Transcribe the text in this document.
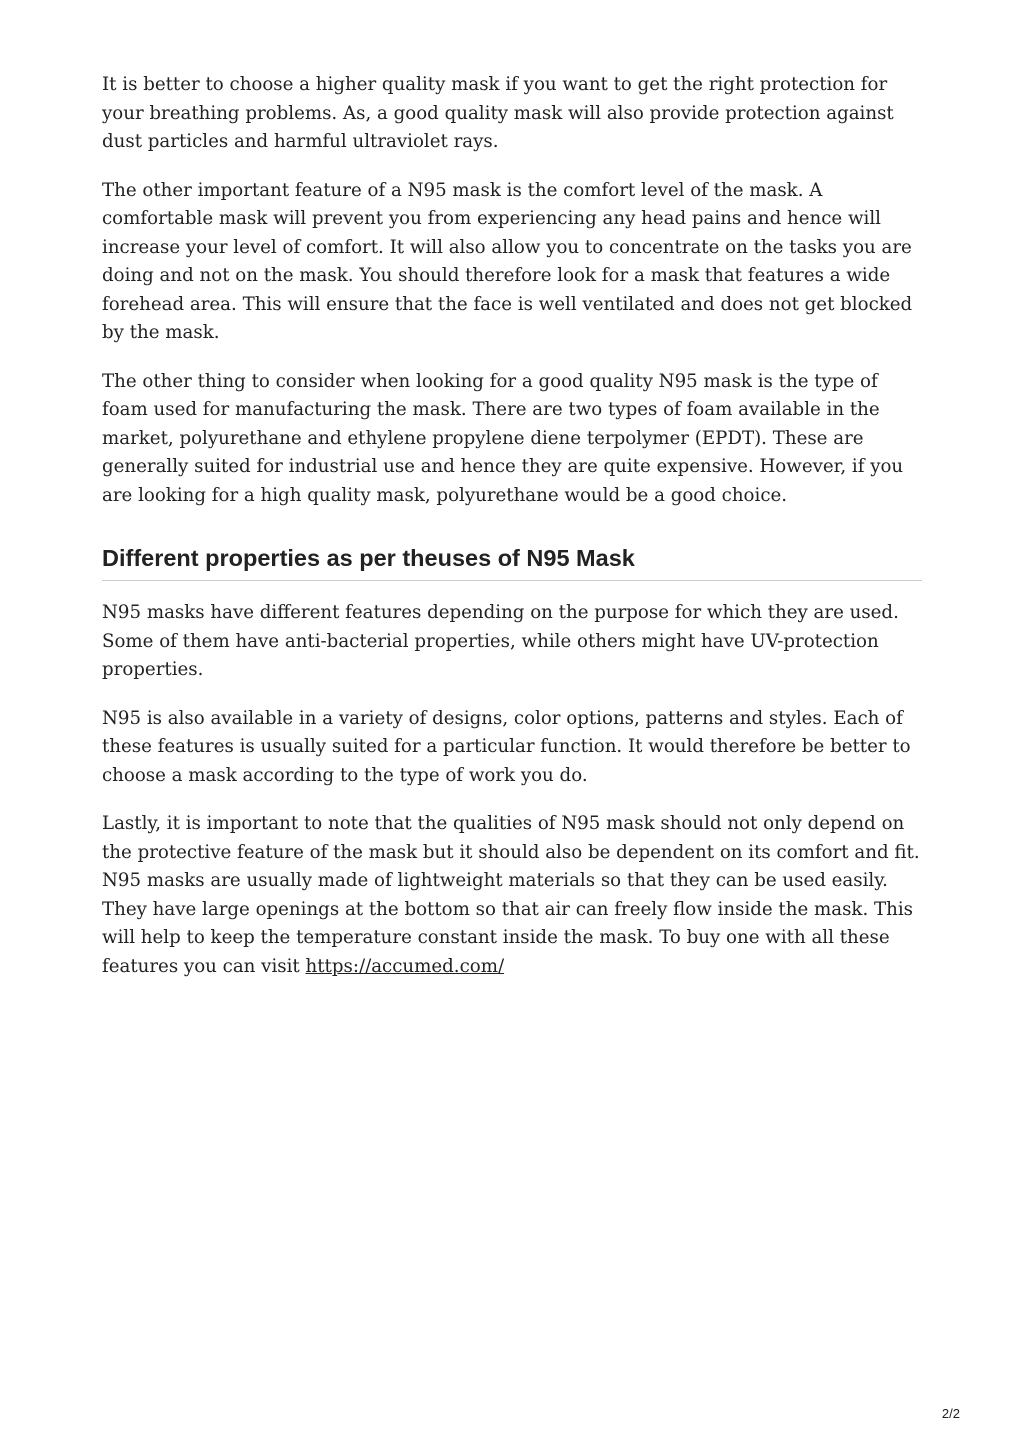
It is better to choose a higher quality mask if you want to get the right protection for your breathing problems. As, a good quality mask will also provide protection against dust particles and harmful ultraviolet rays.

The other important feature of a N95 mask is the comfort level of the mask. A comfortable mask will prevent you from experiencing any head pains and hence will increase your level of comfort. It will also allow you to concentrate on the tasks you are doing and not on the mask. You should therefore look for a mask that features a wide forehead area. This will ensure that the face is well ventilated and does not get blocked by the mask.

The other thing to consider when looking for a good quality N95 mask is the type of foam used for manufacturing the mask. There are two types of foam available in the market, polyurethane and ethylene propylene diene terpolymer (EPDT). These are generally suited for industrial use and hence they are quite expensive. However, if you are looking for a high quality mask, polyurethane would be a good choice.

Different properties as per theuses of N95 Mask

N95 masks have different features depending on the purpose for which they are used. Some of them have anti-bacterial properties, while others might have UV-protection properties.

N95 is also available in a variety of designs, color options, patterns and styles. Each of these features is usually suited for a particular function. It would therefore be better to choose a mask according to the type of work you do.

Lastly, it is important to note that the qualities of N95 mask should not only depend on the protective feature of the mask but it should also be dependent on its comfort and fit. N95 masks are usually made of lightweight materials so that they can be used easily. They have large openings at the bottom so that air can freely flow inside the mask. This will help to keep the temperature constant inside the mask. To buy one with all these features you can visit https://accumed.com/

2/2
